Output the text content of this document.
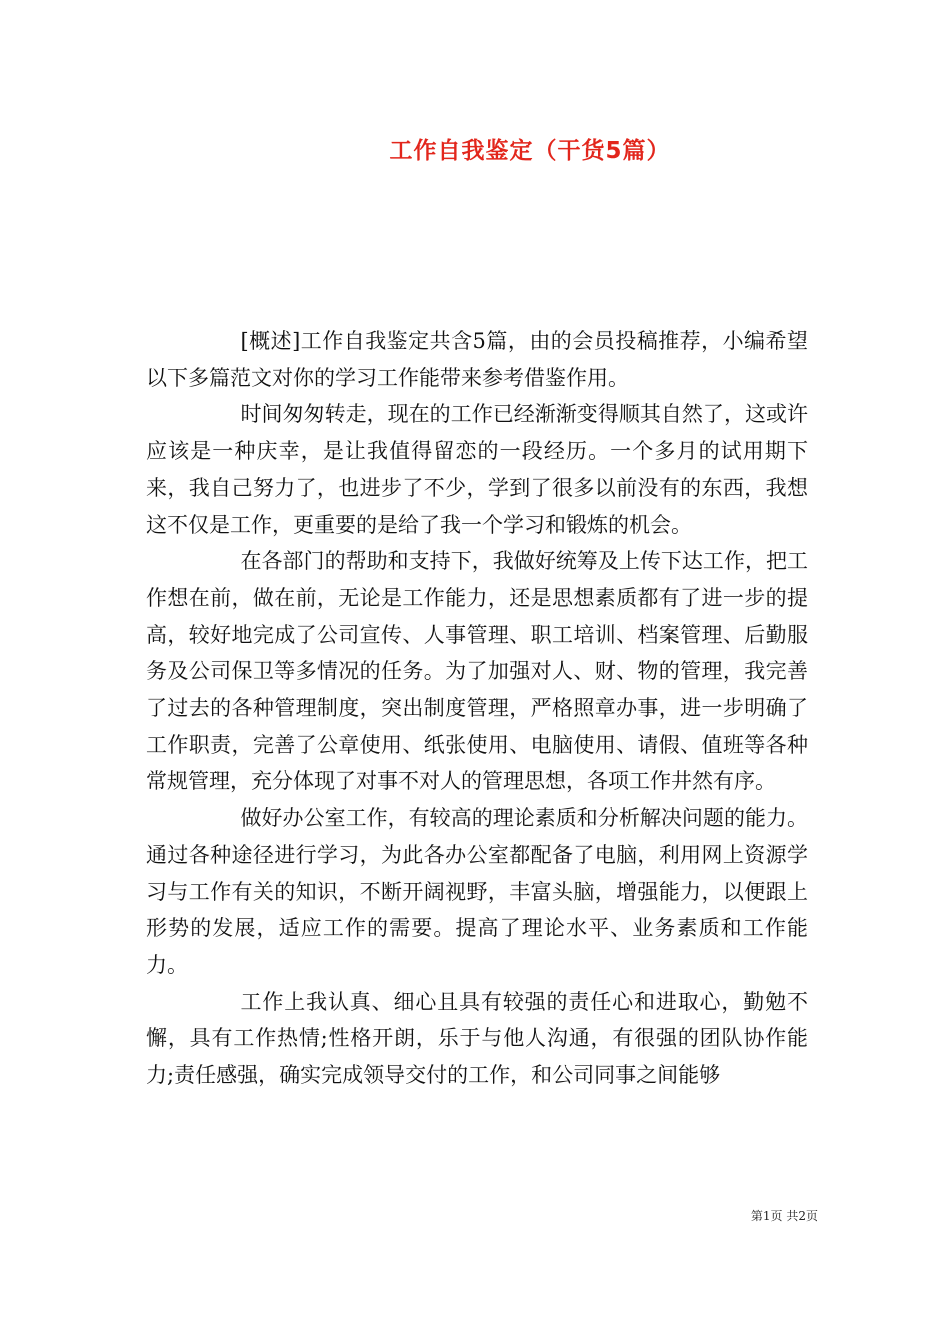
工作自我鉴定（干货5篇）

[概述]工作自我鉴定共含5篇，由的会员投稿推荐，小编希望以下多篇范文对你的学习工作能带来参考借鉴作用。

时间匆匆转走，现在的工作已经渐渐变得顺其自然了，这或许应该是一种庆幸，是让我值得留恋的一段经历。一个多月的试用期下来，我自己努力了，也进步了不少，学到了很多以前没有的东西，我想这不仅是工作，更重要的是给了我一个学习和锻炼的机会。

在各部门的帮助和支持下，我做好统筹及上传下达工作，把工作想在前，做在前，无论是工作能力，还是思想素质都有了进一步的提高，较好地完成了公司宣传、人事管理、职工培训、档案管理、后勤服务及公司保卫等多情况的任务。为了加强对人、财、物的管理，我完善了过去的各种管理制度，突出制度管理，严格照章办事，进一步明确了工作职责，完善了公章使用、纸张使用、电脑使用、请假、值班等各种常规管理，充分体现了对事不对人的管理思想，各项工作井然有序。

做好办公室工作，有较高的理论素质和分析解决问题的能力。通过各种途径进行学习，为此各办公室都配备了电脑，利用网上资源学习与工作有关的知识，不断开阔视野，丰富头脑，增强能力，以便跟上形势的发展，适应工作的需要。提高了理论水平、业务素质和工作能力。

工作上我认真、细心且具有较强的责任心和进取心，勤勉不懈，具有工作热情;性格开朗，乐于与他人沟通，有很强的团队协作能力;责任感强，确实完成领导交付的工作，和公司同事之间能够

第1页 共2页
